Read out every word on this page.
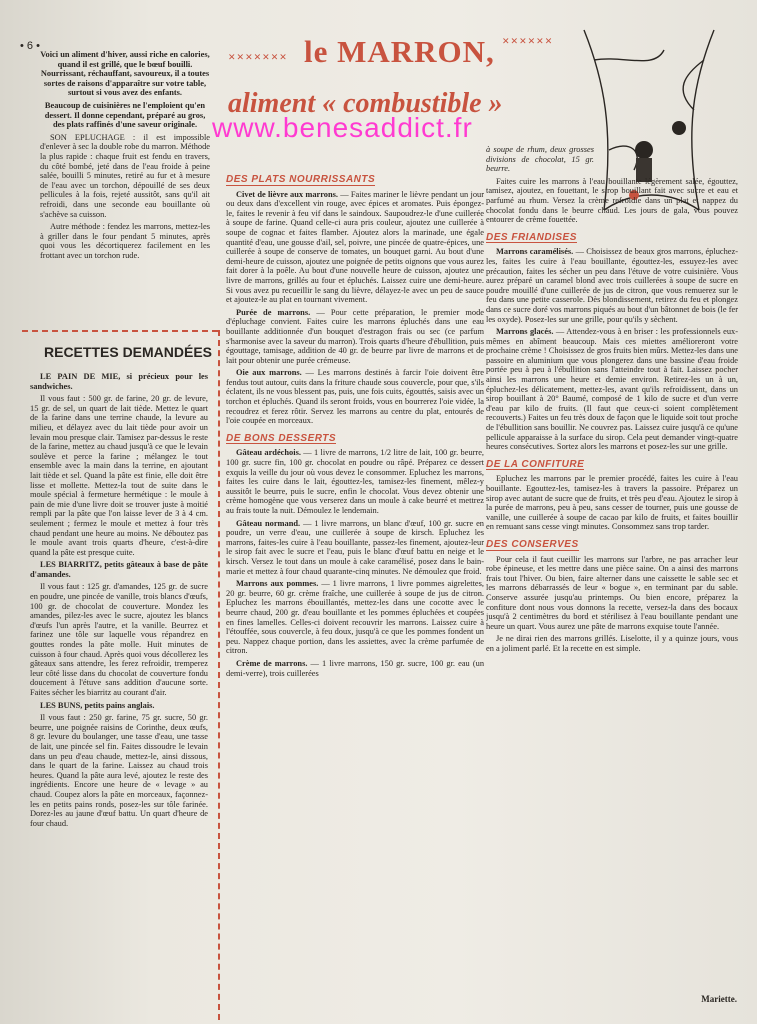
• 6 •
✕✕✕✕✕✕✕ le MARRON, ✕✕✕✕✕✕
aliment « combustible »
www.benesaddict.fr

Voici un aliment d'hiver, aussi riche en calories, quand il est grillé, que le bœuf bouilli. Nourrissant, réchauffant, savoureux, il a toutes sortes de raisons d'apparaître sur votre table, surtout si vous avez des enfants.

Beaucoup de cuisinières ne l'emploient qu'en dessert. Il donne cependant, préparé au gros, des plats raffinés d'une saveur originale.

SON EPLUCHAGE : il est impossible d'enlever à sec la double robe du marron. Méthode la plus rapide : chaque fruit est fendu en travers, du côté bombé, jeté dans de l'eau froide à peine salée, bouilli 5 minutes, retiré au fur et à mesure de l'eau avec un torchon, dépouillé de ses deux pellicules à la fois, rejeté aussitôt, sans qu'il ait refroidi, dans une seconde eau bouillante où s'achève sa cuisson.

Autre méthode : fendez les marrons, mettez-les à griller dans le four pendant 5 minutes, après quoi vous les décortiquerez facilement en les frottant avec un torchon rude.

RECETTES DEMANDÉES

LE PAIN DE MIE, si précieux pour les sandwiches.

Il vous faut : 500 gr. de farine, 20 gr. de levure, 15 gr. de sel, un quart de lait tiède. Mettez le quart de la farine dans une terrine chaude, la levure au milieu, et délayez avec du lait tiède pour avoir un levain mou presque clair. Tamisez par-dessus le reste de la farine, mettez au chaud jusqu'à ce que le levain soulève et perce la farine ; mélangez le tout ensemble avec la main dans la terrine, en ajoutant lait tiède et sel. Quand la pâte est finie, elle doit être lisse et mollette. Mettez-la tout de suite dans le moule spécial à fermeture hermétique : le moule à pain de mie d'une livre doit se trouver juste à moitié rempli par la pâte que l'on laisse lever de 3 à 4 cm. seulement ; fermez le moule et mettez à four très chaud pendant une heure au moins. Ne déboutez pas le moule avant trois quarts d'heure, c'est-à-dire quand la pâte est presque cuite.

LES BIARRITZ, petits gâteaux à base de pâte d'amandes.

Il vous faut : 125 gr. d'amandes, 125 gr. de sucre en poudre, une pincée de vanille, trois blancs d'œufs, 100 gr. de chocolat de couverture. Mondez les amandes, pilez-les avec le sucre, ajoutez les blancs d'œufs l'un après l'autre, et la vanille. Beurrez et farinez une tôle sur laquelle vous répandrez en gouttes rondes la pâte molle. Huit minutes de cuisson à four chaud. Après quoi vous décollerez les gâteaux sans attendre, les ferez refroidir, tremperez leur côté lisse dans du chocolat de couverture fondu doucement à l'étuve sans addition d'aucune sorte. Faites sécher les biarritz au courant d'air.

LES BUNS, petits pains anglais.

Il vous faut : 250 gr. farine, 75 gr. sucre, 50 gr. beurre, une poignée raisins de Corinthe, deux œufs, 8 gr. levure du boulanger, une tasse d'eau, une tasse de lait, une pincée sel fin. Faites dissoudre le levain dans un peu d'eau chaude, mettez-le, ainsi dissous, dans le quart de la farine. Laissez au chaud trois heures. Quand la pâte aura levé, ajoutez le reste des ingrédients. Encore une heure de « levage » au chaud. Coupez alors la pâte en morceaux, façonnez-les en petits pains ronds, posez-les sur tôle farinée. Dorez-les au jaune d'œuf battu. Un quart d'heure de four chaud.

DES PLATS NOURRISSANTS

Civet de lièvre aux marrons. — Faites mariner le lièvre pendant un jour ou deux dans d'excellent vin rouge, avec épices et aromates. Puis épongez-le, faites le revenir à feu vif dans le saindoux. Saupoudrez-le d'une cuillerée à soupe de farine. Quand celle-ci aura pris couleur, ajoutez une cuillerée à soupe de cognac et faites flamber. Ajoutez alors la marinade, une égale quantité d'eau, une gousse d'ail, sel, poivre, une pincée de quatre-épices, une cuillerée à soupe de conserve de tomates, un bouquet garni. Au bout d'une demi-heure de cuisson, ajoutez une poignée de petits oignons que vous aurez fait dorer à la poêle. Au bout d'une nouvelle heure de cuisson, ajoutez une livre de marrons, grillés au four et épluchés. Laissez cuire une demi-heure. Si vous avez pu recueillir le sang du lièvre, délayez-le avec un peu de sauce et ajoutez-le au plat en tournant vivement.

Purée de marrons. — Pour cette préparation, le premier mode d'épluchage convient. Faites cuire les marrons épluchés dans une eau bouillante additionnée d'un bouquet d'estragon frais ou sec (ce parfum s'harmonise avec la saveur du marron). Trois quarts d'heure d'ébullition, puis égouttage, tamisage, addition de 40 gr. de beurre par livre de marrons et de lait pour obtenir une purée crémeuse.

Oie aux marrons. — Les marrons destinés à farcir l'oie doivent être fendus tout autour, cuits dans la friture chaude sous couvercle, pour que, s'ils éclatent, ils ne vous blessent pas, puis, une fois cuits, égouttés, saisis avec un torchon et épluchés. Quand ils seront froids, vous en bourrerez l'oie vidée, la recoudrez et ferez rôtir. Servez les marrons au centre du plat, entourés de l'oie coupée en morceaux.

DE BONS DESSERTS

Gâteau ardéchois. — 1 livre de marrons, 1/2 litre de lait, 100 gr. beurre, 100 gr. sucre fin, 100 gr. chocolat en poudre ou râpé. Préparez ce dessert exquis la veille du jour où vous devez le consommer. Epluchez les marrons, faites les cuire dans le lait, égouttez-les, tamisez-les finement, mêlez-y aussitôt le beurre, puis le sucre, enfin le chocolat. Vous devez obtenir une crème homogène que vous verserez dans un moule à cake beurré et mettrez au frais toute la nuit. Démoulez le lendemain.

Gâteau normand. — 1 livre marrons, un blanc d'œuf, 100 gr. sucre en poudre, un verre d'eau, une cuillerée à soupe de kirsch. Epluchez les marrons, faites-les cuire à l'eau bouillante, passez-les finement, ajoutez-leur le sirop fait avec le sucre et l'eau, puis le blanc d'œuf battu en neige et le kirsch. Versez le tout dans un moule à cake caramélisé, posez dans le bain-marie et mettez à four chaud quarante-cinq minutes. Ne démoulez que froid.

Marrons aux pommes. — 1 livre marrons, 1 livre pommes aigrelettes, 20 gr. beurre, 60 gr. crème fraîche, une cuillerée à soupe de jus de citron. Epluchez les marrons ébouillantés, mettez-les dans une cocotte avec le beurre chaud, 200 gr. d'eau bouillante et les pommes épluchées et coupées en fines lamelles. Celles-ci doivent recouvrir les marrons. Laissez cuire à l'étouffée, sous couvercle, à feu doux, jusqu'à ce que les pommes fondent un peu. Nappez chaque portion, dans les assiettes, avec la crème parfumée de citron.

Crème de marrons. — 1 livre marrons, 150 gr. sucre, 100 gr. eau (un demi-verre), trois cuillerées

à soupe de rhum, deux grosses divisions de chocolat, 15 gr. beurre.

Faites cuire les marrons à l'eau bouillante légèrement salée, égouttez, tamisez, ajoutez, en fouettant, le sirop bouillant fait avec sucre et eau et parfumé au rhum. Versez la crème refroidie dans un plat et nappez du chocolat fondu dans le beurre chaud. Les jours de gala, vous pouvez entourer de crème fouettée.

DES FRIANDISES

Marrons caramélisés. — Choisissez de beaux gros marrons, épluchez-les, faites les cuire à l'eau bouillante, égouttez-les, essuyez-les avec précaution, faites les sécher un peu dans l'étuve de votre cuisinière. Vous aurez préparé un caramel blond avec trois cuillerées à soupe de sucre en poudre mouillé d'une cuillerée de jus de citron, que vous remuerez sur le feu dans une petite casserole. Dès blondissement, retirez du feu et plongez dans ce sucre doré vos marrons piqués au bout d'un bâtonnet de bois (le fer les oxyde). Posez-les sur une grille, pour qu'ils y sèchent.

Marrons glacés. — Attendez-vous à en briser : les professionnels eux-mêmes en abîment beaucoup. Mais ces miettes amélioreront votre prochaine crème ! Choisissez de gros fruits bien mûrs. Mettez-les dans une passoire en aluminium que vous plongerez dans une bassine d'eau froide portée peu à peu à l'ébullition sans l'atteindre tout à fait. Laissez pocher ainsi les marrons une heure et demie environ. Retirez-les un à un, épluchez-les délicatement, mettez-les, avant qu'ils refroidissent, dans un sirop bouillant à 20° Baumé, composé de 1 kilo de sucre et d'un verre d'eau par kilo de fruits. (Il faut que ceux-ci soient complètement recouverts.) Faites un feu très doux de façon que le liquide soit tout proche de l'ébullition sans bouillir. Ne couvrez pas. Laissez cuire jusqu'à ce qu'une pellicule apparaisse à la surface du sirop. Cela peut demander vingt-quatre heures consécutives. Sortez alors les marrons et posez-les sur une grille.

DE LA CONFITURE

Epluchez les marrons par le premier procédé, faites les cuire à l'eau bouillante. Egouttez-les, tamisez-les à travers la passoire. Préparez un sirop avec autant de sucre que de fruits, et très peu d'eau. Ajoutez le sirop à la purée de marrons, peu à peu, sans cesser de tourner, puis une gousse de vanille, une cuillerée à soupe de cacao par kilo de fruits, et faites bouillir en remuant sans cesse vingt minutes. Consommez sans trop tarder.

DES CONSERVES

Pour cela il faut cueillir les marrons sur l'arbre, ne pas arracher leur robe épineuse, et les mettre dans une pièce saine. On a ainsi des marrons frais tout l'hiver. Ou bien, faire alterner dans une caissette le sable sec et les marrons débarrassés de leur « bogue », en terminant par du sable. Conserve assurée jusqu'au printemps. Ou bien encore, préparez la confiture dont nous vous donnons la recette, versez-la dans des bocaux jusqu'à 2 centimètres du bord et stérilisez à l'eau bouillante pendant une heure un quart. Vous aurez une pâte de marrons exquise toute l'année.

Je ne dirai rien des marrons grillés. Liselotte, il y a quinze jours, vous en a joliment parlé. Et la recette en est simple.

Mariette.
